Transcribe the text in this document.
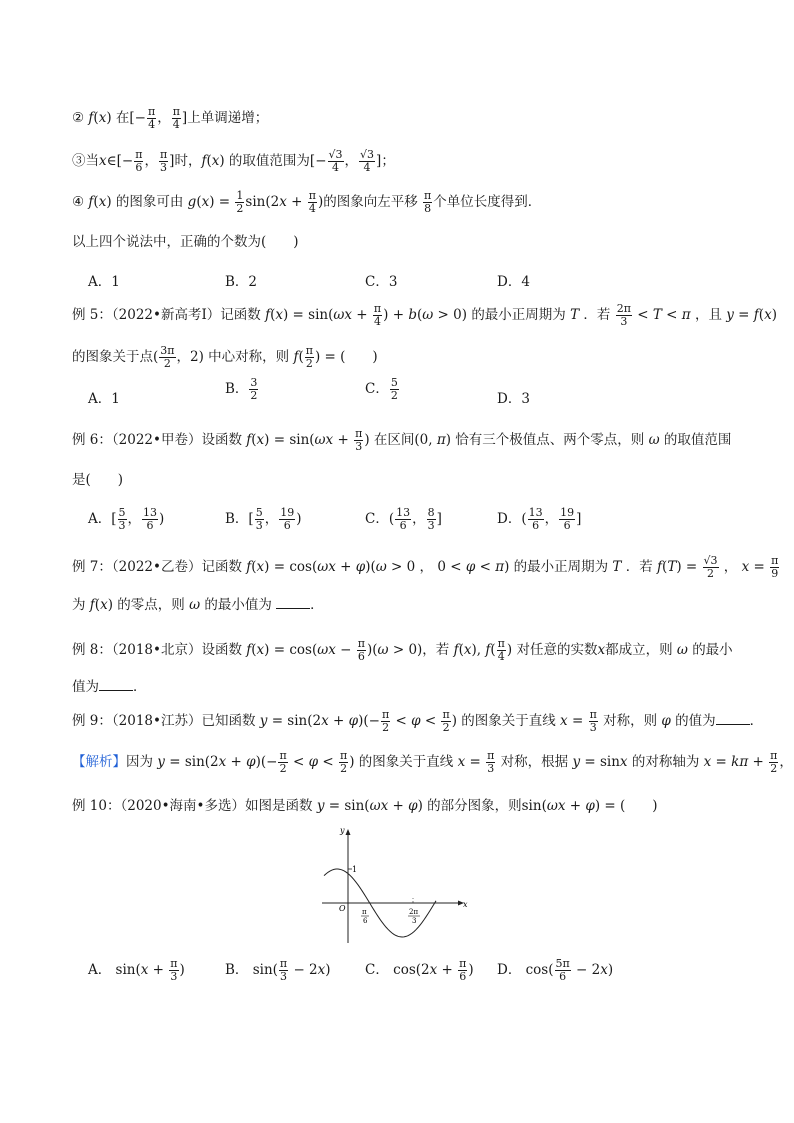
② f(x) 在[− $\frac{\pi}{4}$ ， $\frac{\pi}{4}$ ]上单调递增；
③当x∈[− $\frac{\pi}{6}$ ， $\frac{\pi}{3}$ ]时，f(x) 的取值范围为[− $\frac{√3}{4}$ ， $\frac{√3}{4}$ ]；
④ f(x) 的图象可由 $g(x) = \frac{1}{2} \sin(2x + \frac{\pi}{4}$ )的图象向左平移 $\frac{\pi}{8}$ 个单位长度得到．
以上四个说法中，正确的个数为(　　)
A．1	B．2	C．3	D．4
例 5：（2022•新高考Ⅰ）记函数 $f(x) = \sin(\omega x + \frac{\pi}{4}$ ) + b(ω > 0) 的最小正周期为 T ．若 $\frac{2\pi}{3} < T < \pi$ ，且 y = f(x)
的图象关于点( $\frac{3\pi}{2}$ ，2) 中心对称，则 $f( \frac{\pi}{2}$ ) = (　　)
A．1
B． $\frac{3}{2}$	C． $\frac{5}{2}$	D．3
例 6：（2022•甲卷）设函数 $f(x) = \sin(\omega x + \frac{\pi}{3}$ ) 在区间(0, π) 恰有三个极值点、两个零点，则 ω 的取值范围
是(　　)
A．[ $\frac{5}{3}$ ， $\frac{13}{6}$ )	B．[ $\frac{5}{3}$ ， $\frac{19}{6}$ )	C．( $\frac{13}{6}$ ， $\frac{8}{3}$ ]	D．( $\frac{13}{6}$ ， $\frac{19}{6}$ ]
例 7：（2022•乙卷）记函数 f(x) = cos(ωx + φ)(ω > 0 ， 0 < φ < π) 的最小正周期为 T ．若 $f(T) = \frac{√3}{2}$ ， $x = \frac{\pi}{9}$
为 f(x) 的零点，则 ω 的最小值为	．
例 8：（2018•北京）设函数 $f(x) = \cos(\omega x - \frac{\pi}{6} )(\omega > 0)$，若 f(x), $f( \frac{\pi}{4}$ ) 对任意的实数x都成立，则 ω 的最小
值为	．
例 9：（2018•江苏）已知函数 $y = \sin(2x + \varphi)(- \frac{\pi}{2} < \varphi < \frac{\pi}{2}$ ) 的图象关于直线 $x = \frac{\pi}{3}$ 对称，则 φ 的值为	．
【解析】因为 $y = \sin(2x + \varphi)(- \frac{\pi}{2} < \varphi < \frac{\pi}{2}$ ) 的图象关于直线 $x = \frac{\pi}{3}$ 对称，根据 y = sinx 的对称轴为 $x = k\pi + \frac{\pi}{2}$ ，
例 10：（2020•海南•多选）如图是函数 y = sin(ωx + φ) 的部分图象，则sin(ωx + φ) = (　　)
y
x
O
1
π
6
2π
3
A． $\sin(x + \frac{\pi}{3}$ )	B． $\sin( \frac{\pi}{3} - 2x)$	C． $\cos(2x + \frac{\pi}{6}$ ) D． $\cos( \frac{5\pi}{6} - 2x)$
